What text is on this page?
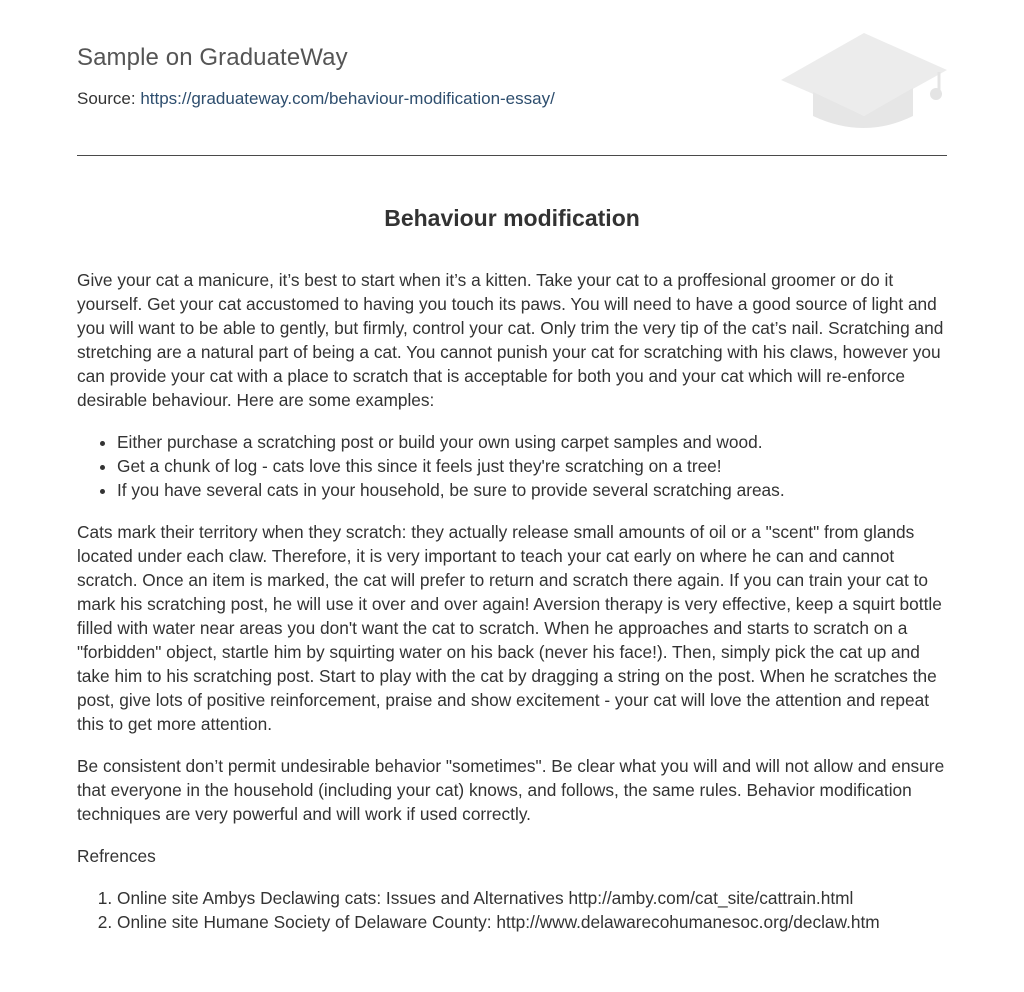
Sample on GraduateWay
Source: https://graduateway.com/behaviour-modification-essay/
Behaviour modification

Give your cat a manicure, it’s best to start when it’s a kitten. Take your cat to a proffesional groomer or do it yourself. Get your cat accustomed to having you touch its paws. You will need to have a good source of light and you will want to be able to gently, but firmly, control your cat. Only trim the very tip of the cat’s nail. Scratching and stretching are a natural part of being a cat. You cannot punish your cat for scratching with his claws, however you can provide your cat with a place to scratch that is acceptable for both you and your cat which will re-enforce desirable behaviour. Here are some examples:

• Either purchase a scratching post or build your own using carpet samples and wood.
• Get a chunk of log - cats love this since it feels just they're scratching on a tree!
• If you have several cats in your household, be sure to provide several scratching areas.

Cats mark their territory when they scratch: they actually release small amounts of oil or a "scent" from glands located under each claw. Therefore, it is very important to teach your cat early on where he can and cannot scratch. Once an item is marked, the cat will prefer to return and scratch there again. If you can train your cat to mark his scratching post, he will use it over and over again! Aversion therapy is very effective, keep a squirt bottle filled with water near areas you don't want the cat to scratch. When he approaches and starts to scratch on a "forbidden" object, startle him by squirting water on his back (never his face!). Then, simply pick the cat up and take him to his scratching post. Start to play with the cat by dragging a string on the post. When he scratches the post, give lots of positive reinforcement, praise and show excitement - your cat will love the attention and repeat this to get more attention.

Be consistent don’t permit undesirable behavior "sometimes". Be clear what you will and will not allow and ensure that everyone in the household (including your cat) knows, and follows, the same rules. Behavior modification techniques are very powerful and will work if used correctly.

Refrences

1. Online site Ambys Declawing cats: Issues and Alternatives http://amby.com/cat_site/cattrain.html
2. Online site Humane Society of Delaware County: http://www.delawarecohumanesoc.org/declaw.htm
